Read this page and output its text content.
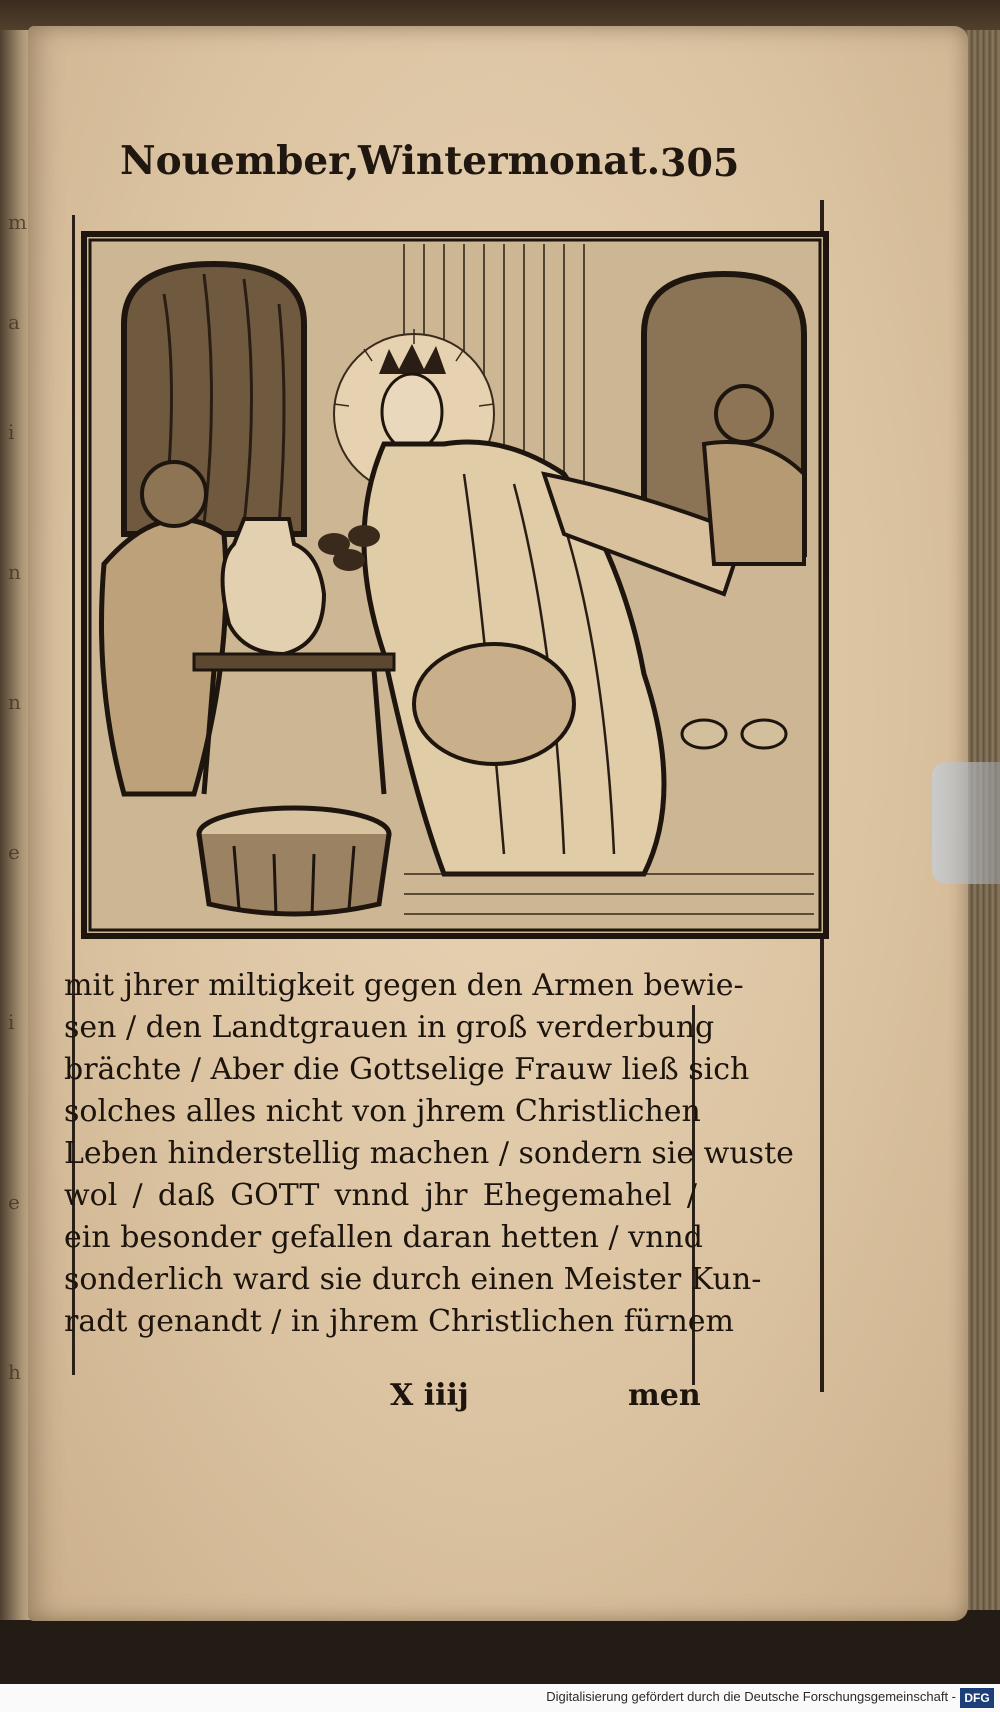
m
a
i
n
n
e
i
e
h
Nouember,
Wintermonat. 305
mit jhrer miltigkeit gegen den Armen bewie-
sen / den Landtgrauen in groß verderbung
brächte / Aber die Gottselige Frauw ließ sich
solches alles nicht von jhrem Christlichen
Leben hinderstellig machen / sondern sie wuste
wol / daß GOTT vnnd jhr Ehegemahel /
ein besonder gefallen daran hetten / vnnd
sonderlich ward sie durch einen Meister Kun-
radt genandt / in jhrem Christlichen fürnem
X iiij	men
Digitalisierung gefördert durch die Deutsche Forschungsgemeinschaft - DFG
